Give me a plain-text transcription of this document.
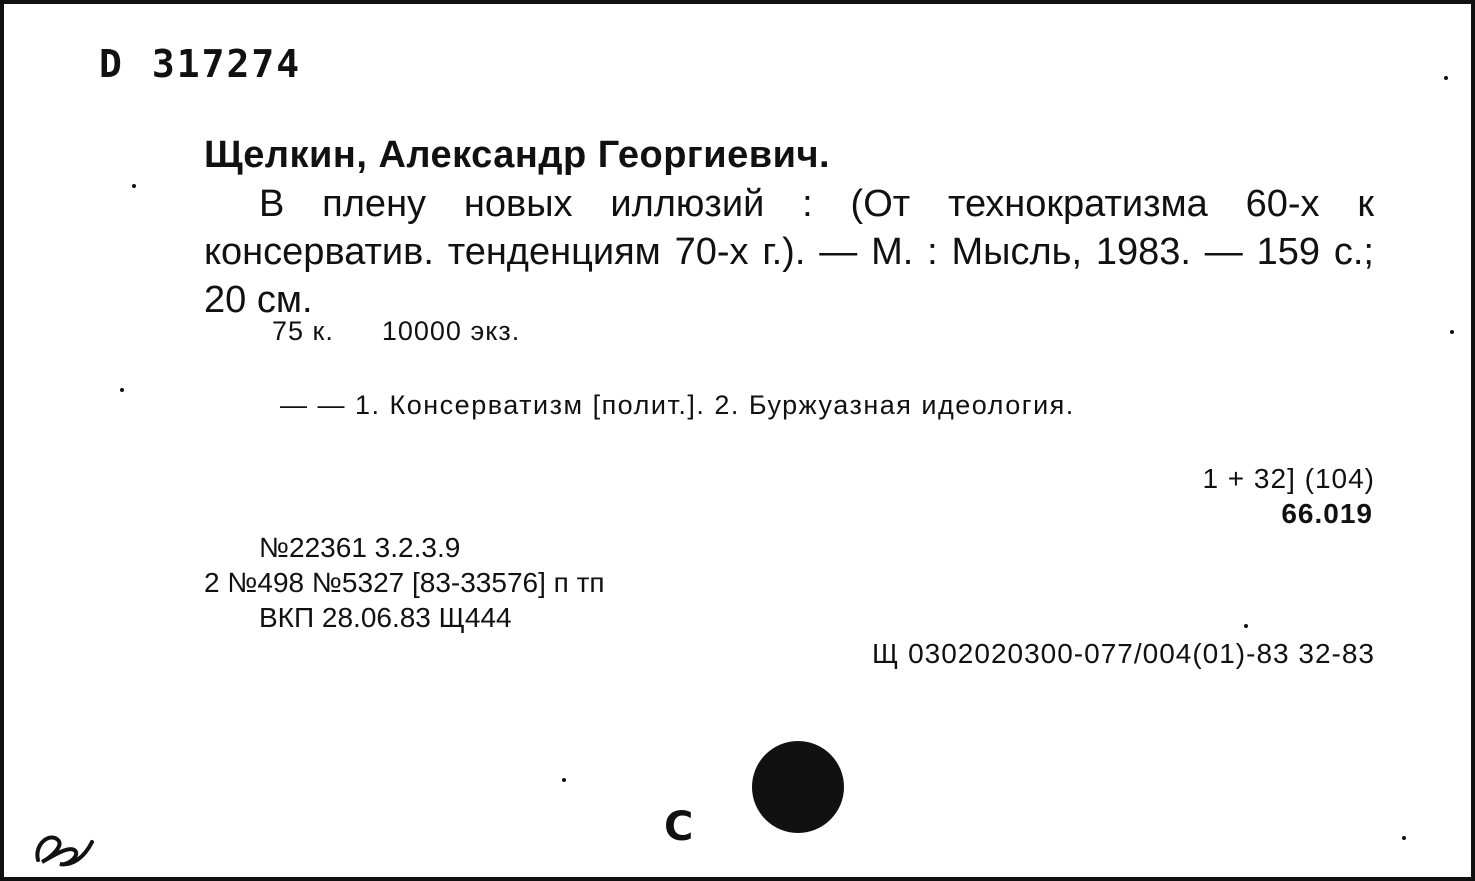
D 317274
Щелкин, Александр Георгиевич.
В плену новых иллюзий : (От технократизма 60-х к консерватив. тенденциям 70-х г.). — М. : Мысль, 1983. — 159 с.; 20 см.
75 к. 10000 экз.
— — 1. Консерватизм [полит.]. 2. Буржуазная идеология.
1 + 32] (104)
66.019
№22361 3.2.3.9
2 №498 №5327 [83-33576] п тп
ВКП 28.06.83 Щ444
Щ 0302020300-077/004(01)-83 32-83
С
